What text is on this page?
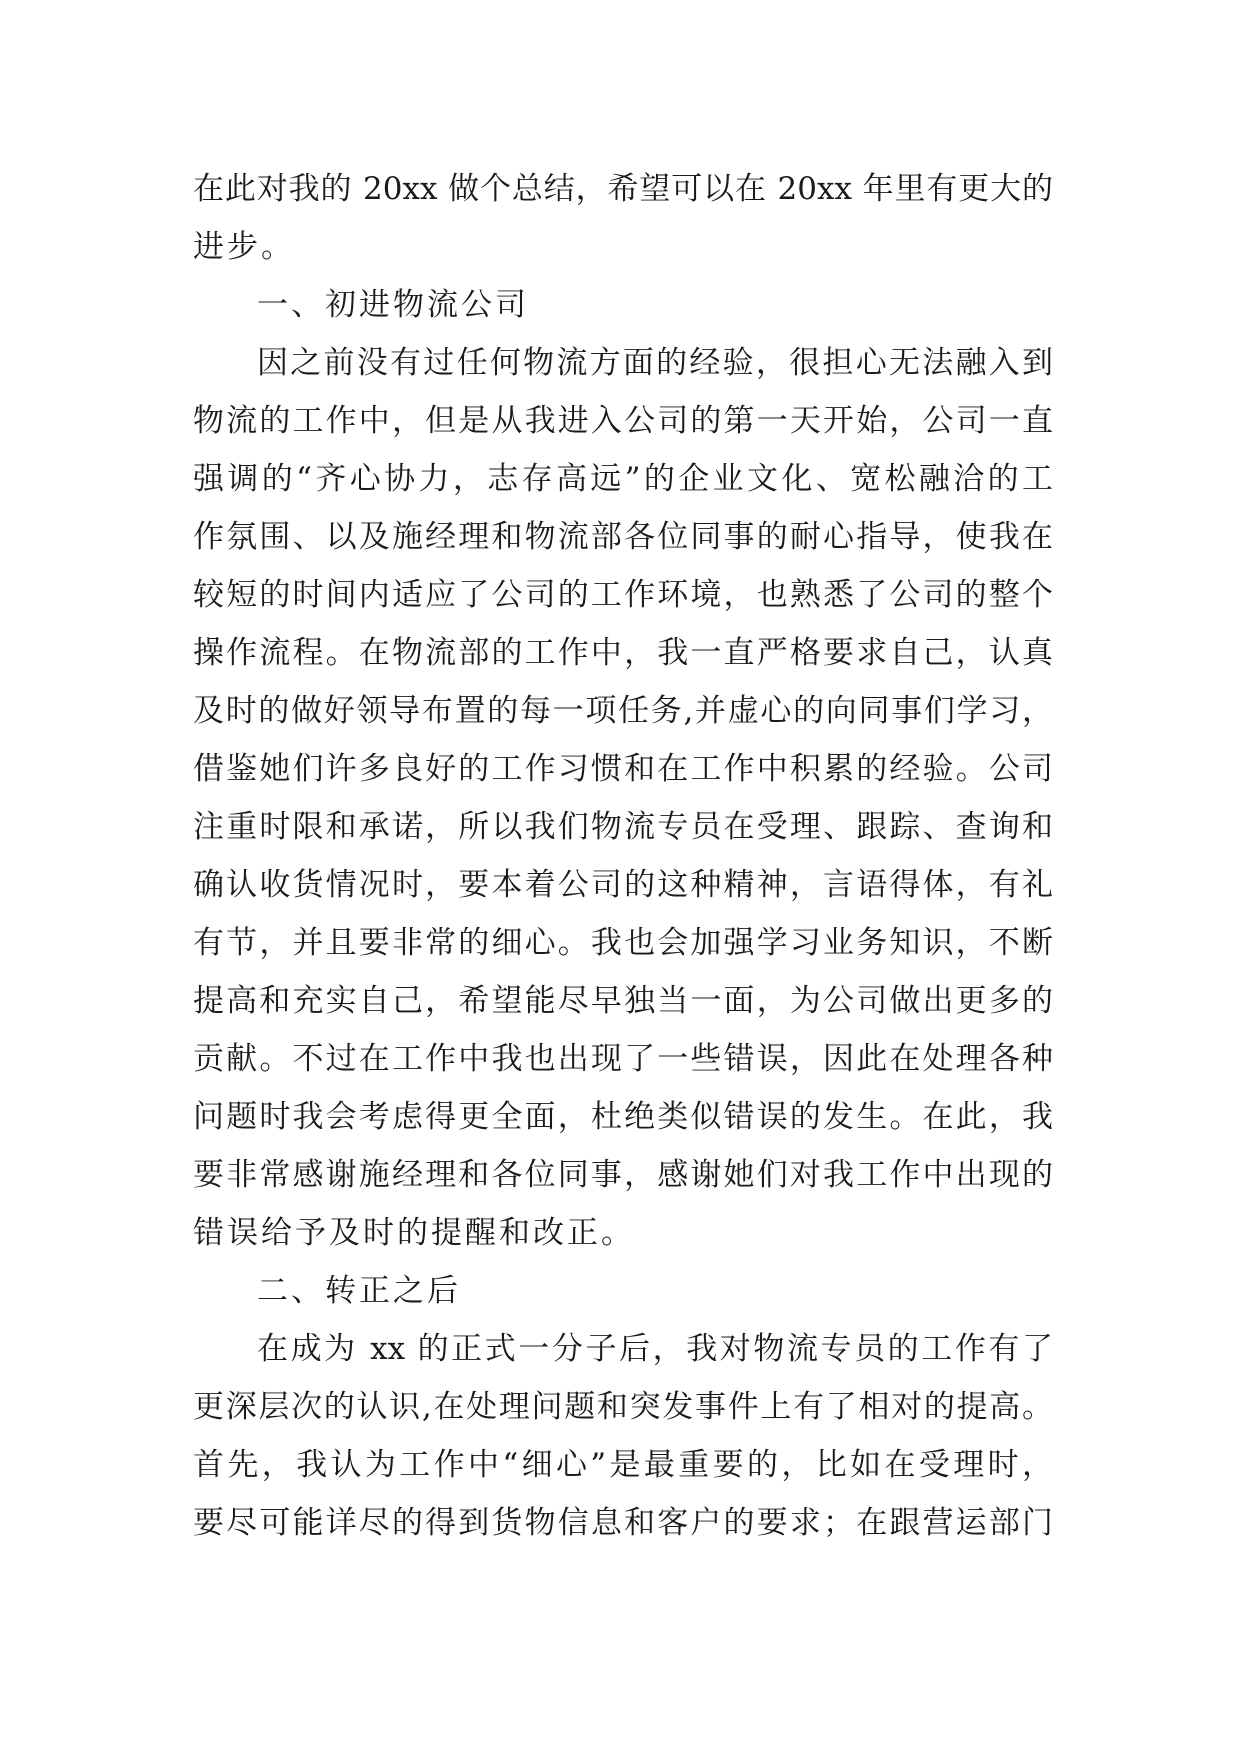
在此对我的 20xx 做个总结，希望可以在 20xx 年里有更大的
进步。
一、初进物流公司
因之前没有过任何物流方面的经验，很担心无法融入到
物流的工作中，但是从我进入公司的第一天开始，公司一直
强调的“齐心协力，志存高远”的企业文化、宽松融洽的工
作氛围、以及施经理和物流部各位同事的耐心指导，使我在
较短的时间内适应了公司的工作环境，也熟悉了公司的整个
操作流程。在物流部的工作中，我一直严格要求自己，认真
及时的做好领导布置的每一项任务,并虚心的向同事们学习，
借鉴她们许多良好的工作习惯和在工作中积累的经验。公司
注重时限和承诺，所以我们物流专员在受理、跟踪、查询和
确认收货情况时，要本着公司的这种精神，言语得体，有礼
有节，并且要非常的细心。我也会加强学习业务知识，不断
提高和充实自己，希望能尽早独当一面，为公司做出更多的
贡献。不过在工作中我也出现了一些错误，因此在处理各种
问题时我会考虑得更全面，杜绝类似错误的发生。在此，我
要非常感谢施经理和各位同事，感谢她们对我工作中出现的
错误给予及时的提醒和改正。
二、转正之后
在成为 xx 的正式一分子后，我对物流专员的工作有了
更深层次的认识,在处理问题和突发事件上有了相对的提高。
首先，我认为工作中“细心”是最重要的，比如在受理时，
要尽可能详尽的得到货物信息和客户的要求；在跟营运部门
